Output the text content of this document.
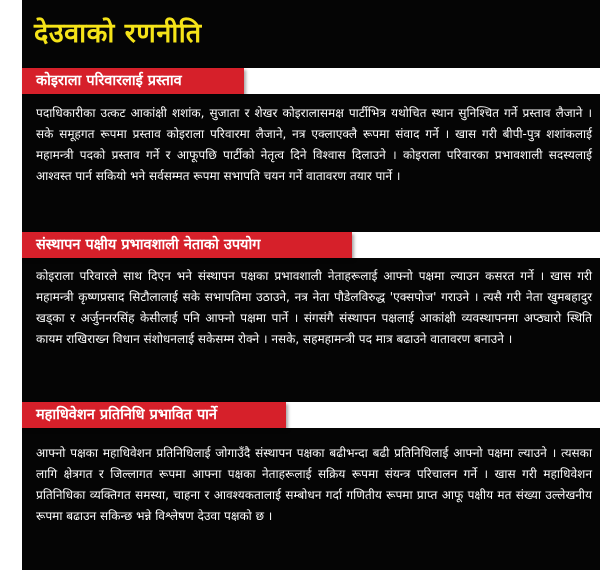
देउवाको रणनीति
कोइराला परिवारलाई प्रस्ताव

पदाधिकारीका उत्कट आकांक्षी शशांक, सुजाता र शेखर कोइरालासमक्ष पार्टीभित्र यथोचित स्थान सुनिश्चित गर्ने प्रस्ताव लैजाने । सके समूहगत रूपमा प्रस्ताव कोइराला परिवारमा लैजाने, नत्र एक्लाएक्लै रूपमा संवाद गर्ने । खास गरी बीपी-पुत्र शशांकलाई महामन्त्री पदको प्रस्ताव गर्ने र आफूपछि पार्टीको नेतृत्व दिने विश्वास दिलाउने । कोइराला परिवारका प्रभावशाली सदस्यलाई आश्वस्त पार्न सकियो भने सर्वसम्मत रूपमा सभापति चयन गर्ने वातावरण तयार पार्ने ।

संस्थापन पक्षीय प्रभावशाली नेताको उपयोग

कोइराला परिवारले साथ दिएन भने संस्थापन पक्षका प्रभावशाली नेताहरूलाई आफ्नो पक्षमा ल्याउन कसरत गर्ने । खास गरी महामन्त्री कृष्णप्रसाद सिटौलालाई सके सभापतिमा उठाउने, नत्र नेता पौडेलविरुद्ध 'एक्सपोज' गराउने । त्यसै गरी नेता खुमबहादुर खड्का र अर्जुननरसिंह केसीलाई पनि आफ्नो पक्षमा पार्ने । संगसंगै संस्थापन पक्षलाई आकांक्षी व्यवस्थापनमा अप्ठ्यारो स्थिति कायम राखिराख्न विधान संशोधनलाई सकेसम्म रोक्ने । नसके, सहमहामन्त्री पद मात्र बढाउने वातावरण बनाउने ।

महाधिवेशन प्रतिनिधि प्रभावित पार्ने

आफ्नो पक्षका महाधिवेशन प्रतिनिधिलाई जोगाउँदै संस्थापन पक्षका बढीभन्दा बढी प्रतिनिधिलाई आफ्नो पक्षमा ल्याउने । त्यसका लागि क्षेत्रगत र जिल्लागत रूपमा आफ्ना पक्षका नेताहरूलाई सक्रिय रूपमा संयन्त्र परिचालन गर्ने । खास गरी महाधिवेशन प्रतिनिधिका व्यक्तिगत समस्या, चाहना र आवश्यकतालाई सम्बोधन गर्दा गणितीय रूपमा प्राप्त आफू पक्षीय मत संख्या उल्लेखनीय रूपमा बढाउन सकिन्छ भन्ने विश्लेषण देउवा पक्षको छ ।
